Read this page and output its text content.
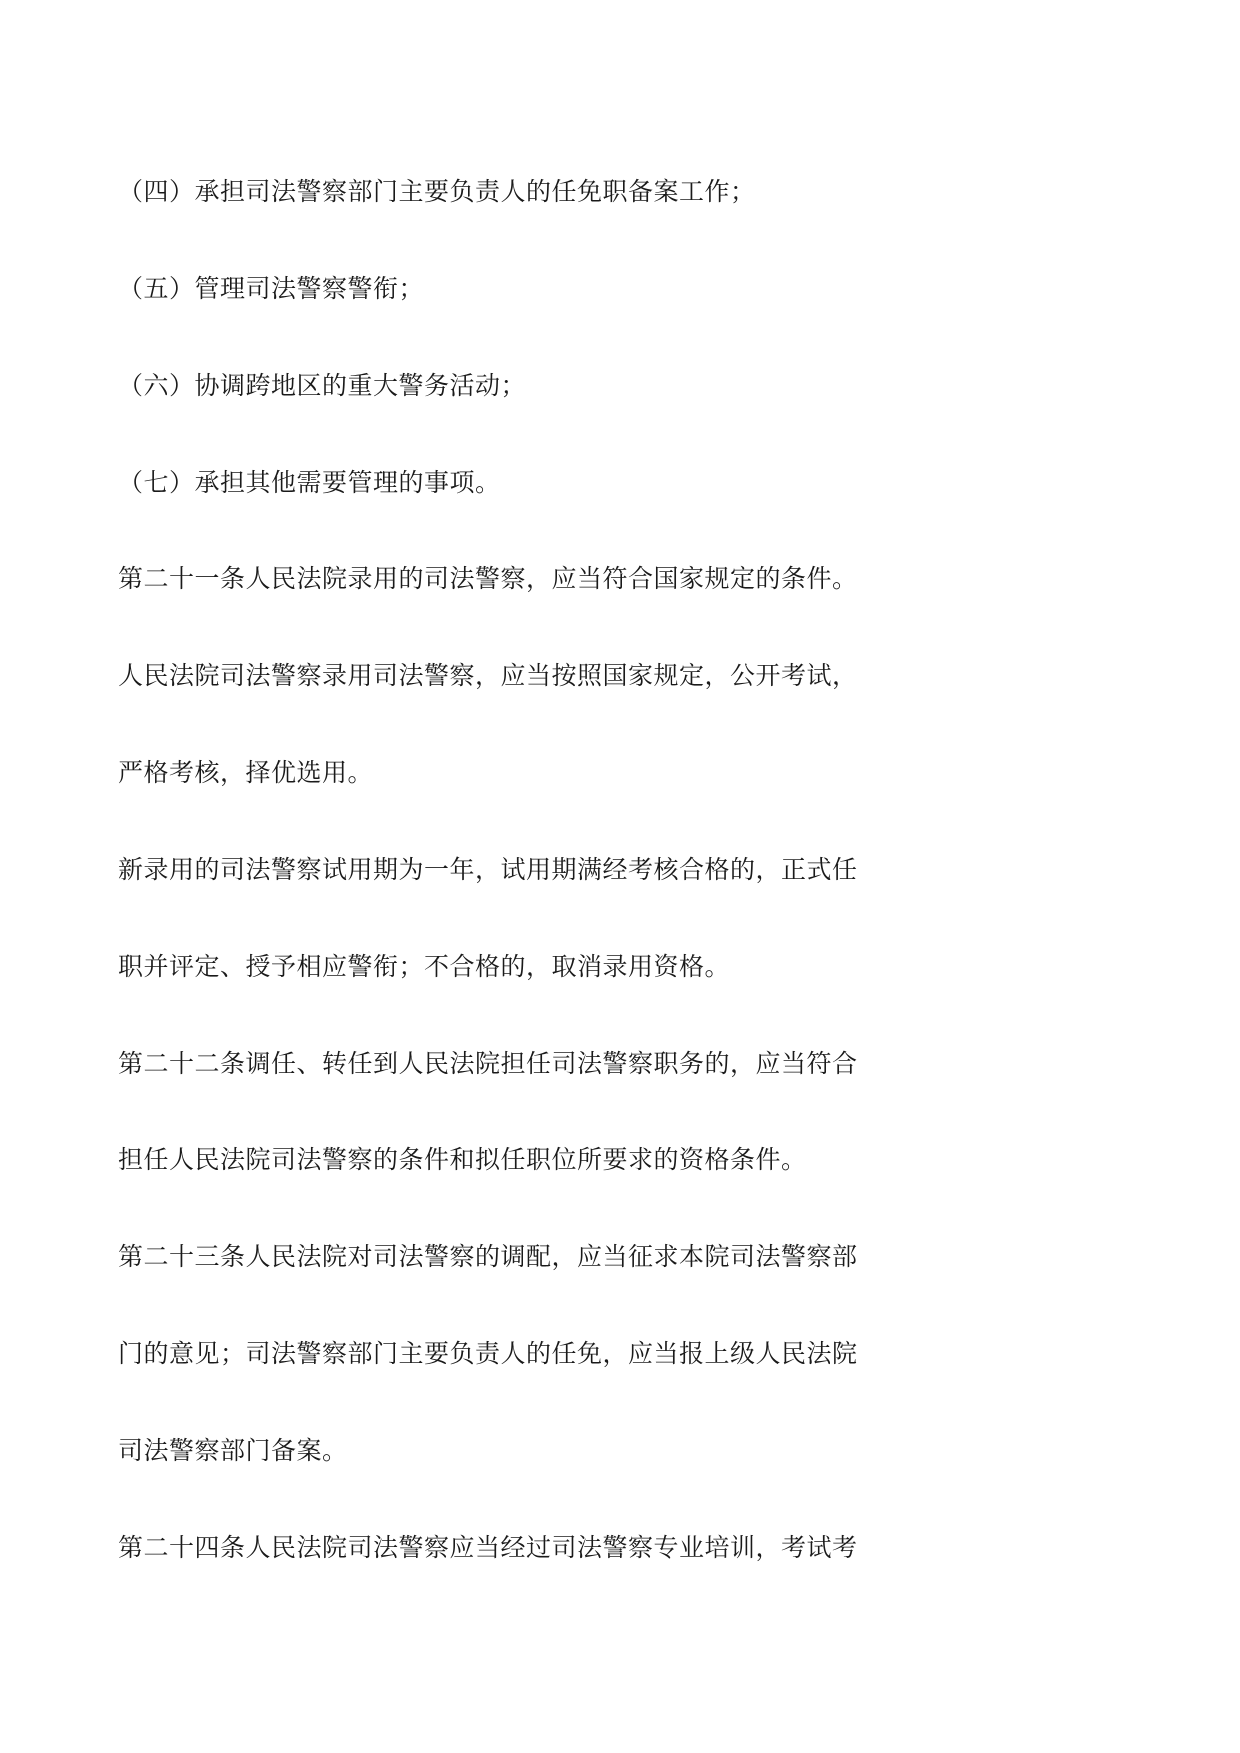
（四）承担司法警察部门主要负责人的任免职备案工作；
（五）管理司法警察警衔；
（六）协调跨地区的重大警务活动；
（七）承担其他需要管理的事项。
第二十一条人民法院录用的司法警察，应当符合国家规定的条件。
人民法院司法警察录用司法警察，应当按照国家规定，公开考试，
严格考核，择优选用。
新录用的司法警察试用期为一年，试用期满经考核合格的，正式任
职并评定、授予相应警衔；不合格的，取消录用资格。
第二十二条调任、转任到人民法院担任司法警察职务的，应当符合
担任人民法院司法警察的条件和拟任职位所要求的资格条件。
第二十三条人民法院对司法警察的调配，应当征求本院司法警察部
门的意见；司法警察部门主要负责人的任免，应当报上级人民法院
司法警察部门备案。
第二十四条人民法院司法警察应当经过司法警察专业培训，考试考
